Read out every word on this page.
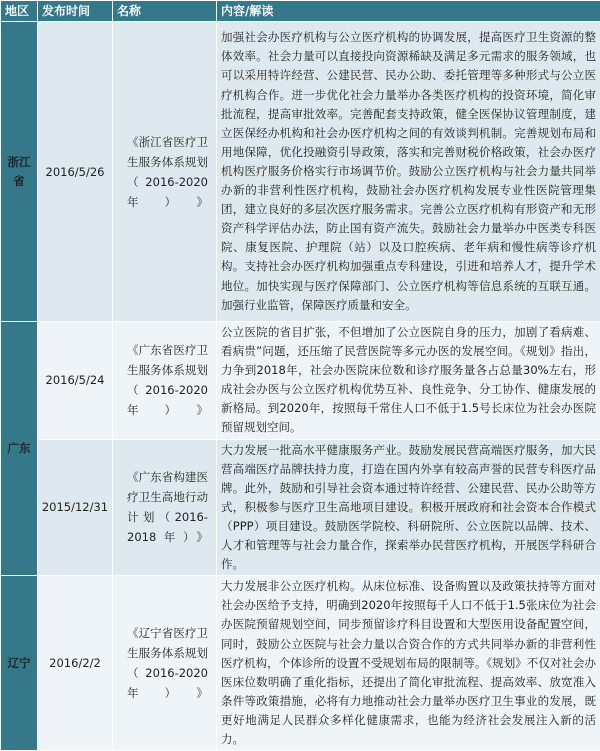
地区	发布时间	名称	内容/解读
浙江省	2016/5/26	《浙江省医疗卫生服务体系规划（2016-2020年）》	加强社会办医疗机构与公立医疗机构的协调发展，提高医疗卫生资源的整体效率。社会力量可以直接投向资源稀缺及满足多元需求的服务领域，也可以采用特许经营、公建民营、民办公助、委托管理等多种形式与公立医疗机构合作。进一步优化社会力量举办各类医疗机构的投资环境，简化审批流程，提高审批效率。完善配套支持政策，健全医保协议管理制度，建立医保经办机构和社会办医疗机构之间的有效谈判机制。完善规划布局和用地保障，优化投融资引导政策，落实和完善财税价格政策，社会办医疗机构医疗服务价格实行市场调节价。鼓励公立医疗机构与社会力量共同举办新的非营利性医疗机构，鼓励社会办医疗机构发展专业性医院管理集团，建立良好的多层次医疗服务需求。完善公立医疗机构有形资产和无形资产科学评估办法，防止国有资产流失。鼓励社会力量举办中医类专科医院、康复医院、护理院（站）以及口腔疾病、老年病和慢性病等诊疗机构。支持社会办医疗机构加强重点专科建设，引进和培养人才，提升学术地位。加快实现与医疗保障部门、公立医疗机构等信息系统的互联互通。加强行业监管，保障医疗质量和安全。
广东	2016/5/24	《广东省医疗卫生服务体系规划（2016-2020年）》	公立医院的省目扩张，不但增加了公立医院自身的压力，加剧了看病难、看病贵”问题，还压缩了民营医院等多元办医的发展空间。《规划》指出，力争到2018年，社会办医院床位数和诊疗服务量各占总量30%左右，形成社会办医与公立医疗机构优势互补、良性竞争、分工协作、健康发展的新格局。到2020年，按照每千常住人口不低于1.5号长床位为社会办医院预留规划空间。
	2015/12/31	《广东省构建医疗卫生高地行动计划（2016-2018年）》	大力发展一批高水平健康服务产业。鼓励发展民营高端医疗服务，加大民营高端医疗品牌扶持力度，打造在国内外享有较高声誉的民营专科医疗品牌。此外，鼓励和引导社会资本通过特许经营、公建民营、民办公助等方式，积极参与医疗卫生高地项目建设。积极开展政府和社会资本合作模式（PPP）项目建设。鼓励医学院校、科研院所、公立医院以品牌、技术、人才和管理等与社会力量合作，探索举办民营医疗机构，开展医学科研合作。
辽宁	2016/2/2	《辽宁省医疗卫生服务体系规划（2016-2020年）》	大力发展非公立医疗机构。从床位标准、设备购置以及政策扶持等方面对社会办医给予支持，明确到2020年按照每千人口不低于1.5张床位为社会办医院预留规划空间，同步预留诊疗科目设置和大型医用设备配置空间，同时，鼓励公立医院与社会力量以合资合作的方式共同举办新的非营利性医疗机构，个体诊所的设置不受规划布局的限制等。《规划》不仅对社会办医床位数明确了重化指标，还提出了简化审批流程、提高效率、放宽准入条件等政策措施，必将有力地推动社会力量举办医疗卫生事业的发展，既更好地满足人民群众多样化健康需求，也能为经济社会发展注入新的活力。
